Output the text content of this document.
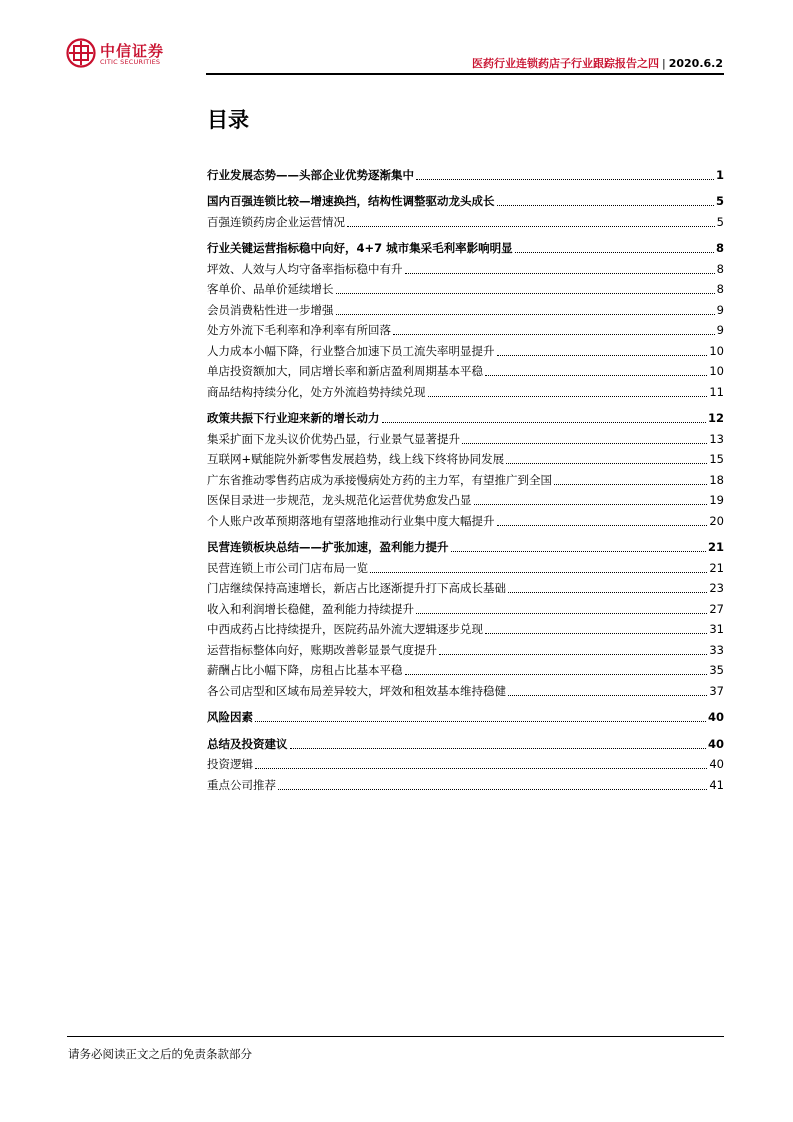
中信证券
CITIC SECURITIES	医药行业连锁药店子行业跟踪报告之四 | 2020.6.2
目录
行业发展态势——头部企业优势逐渐集中	1
国内百强连锁比较—增速换挡，结构性调整驱动龙头成长	5
百强连锁药房企业运营情况	5
行业关键运营指标稳中向好，4+7 城市集采毛利率影响明显	8
坪效、人效与人均守备率指标稳中有升	8
客单价、品单价延续增长	8
会员消费粘性进一步增强	9
处方外流下毛利率和净利率有所回落	9
人力成本小幅下降，行业整合加速下员工流失率明显提升	10
单店投资额加大，同店增长率和新店盈利周期基本平稳	10
商品结构持续分化，处方外流趋势持续兑现	11
政策共振下行业迎来新的增长动力	12
集采扩面下龙头议价优势凸显，行业景气显著提升	13
互联网+赋能院外新零售发展趋势，线上线下终将协同发展	15
广东省推动零售药店成为承接慢病处方药的主力军，有望推广到全国	18
医保目录进一步规范，龙头规范化运营优势愈发凸显	19
个人账户改革预期落地有望落地推动行业集中度大幅提升	20
民营连锁板块总结——扩张加速，盈利能力提升	21
民营连锁上市公司门店布局一览	21
门店继续保持高速增长，新店占比逐渐提升打下高成长基础	23
收入和利润增长稳健，盈利能力持续提升	27
中西成药占比持续提升，医院药品外流大逻辑逐步兑现	31
运营指标整体向好，账期改善彰显景气度提升	33
薪酬占比小幅下降，房租占比基本平稳	35
各公司店型和区域布局差异较大，坪效和租效基本维持稳健	37
风险因素	40
总结及投资建议	40
投资逻辑	40
重点公司推荐	41
请务必阅读正文之后的免责条款部分
